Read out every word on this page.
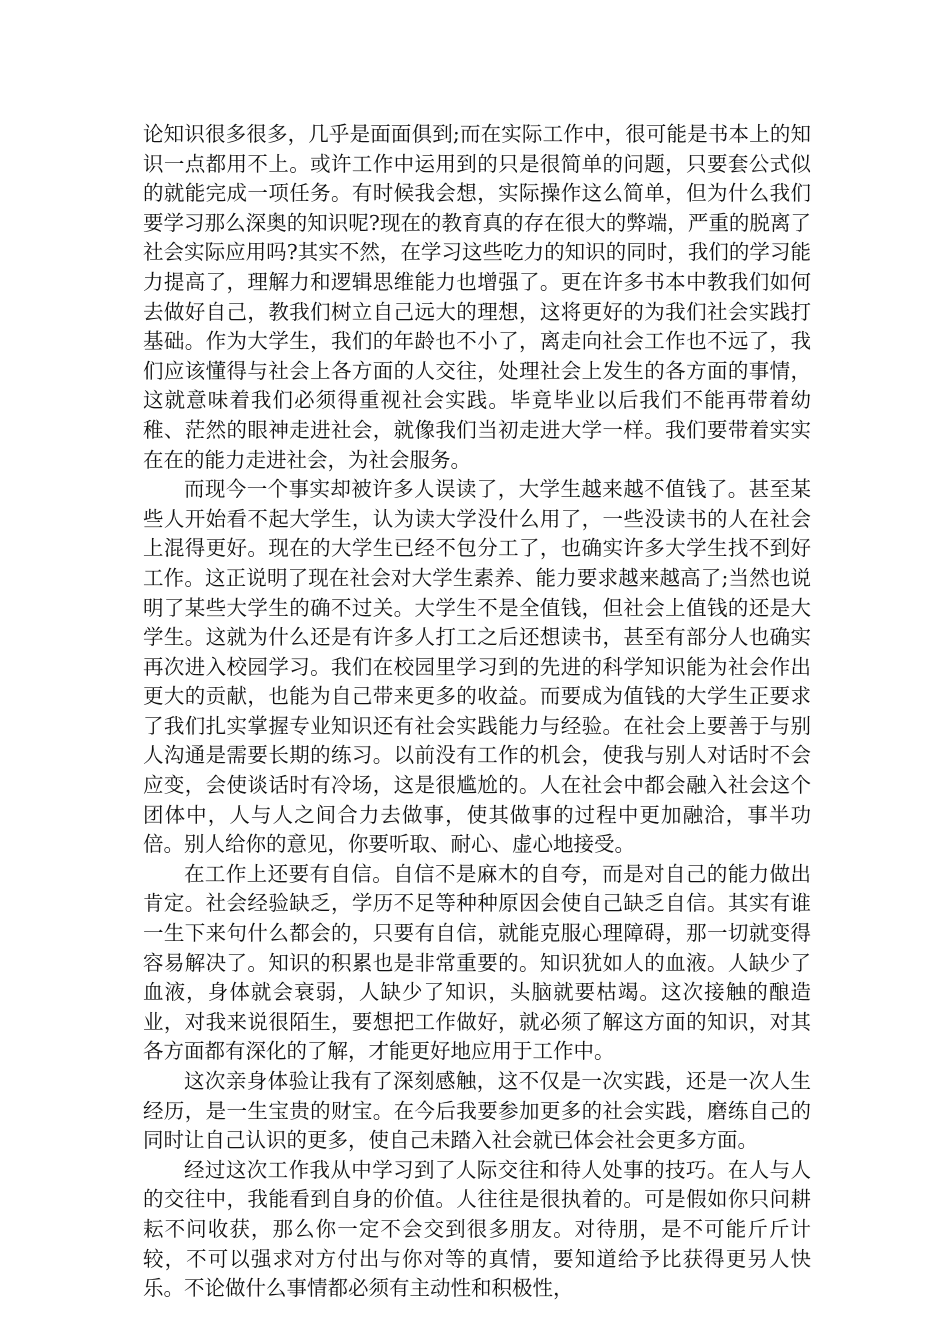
论知识很多很多，几乎是面面俱到;而在实际工作中，很可能是书本上的知识一点都用不上。或许工作中运用到的只是很简单的问题，只要套公式似的就能完成一项任务。有时候我会想，实际操作这么简单，但为什么我们要学习那么深奥的知识呢?现在的教育真的存在很大的弊端，严重的脱离了社会实际应用吗?其实不然，在学习这些吃力的知识的同时，我们的学习能力提高了，理解力和逻辑思维能力也增强了。更在许多书本中教我们如何去做好自己，教我们树立自己远大的理想，这将更好的为我们社会实践打基础。作为大学生，我们的年龄也不小了，离走向社会工作也不远了，我们应该懂得与社会上各方面的人交往，处理社会上发生的各方面的事情，这就意味着我们必须得重视社会实践。毕竟毕业以后我们不能再带着幼稚、茫然的眼神走进社会，就像我们当初走进大学一样。我们要带着实实在在的能力走进社会，为社会服务。

而现今一个事实却被许多人误读了，大学生越来越不值钱了。甚至某些人开始看不起大学生，认为读大学没什么用了，一些没读书的人在社会上混得更好。现在的大学生已经不包分工了，也确实许多大学生找不到好工作。这正说明了现在社会对大学生素养、能力要求越来越高了;当然也说明了某些大学生的确不过关。大学生不是全值钱，但社会上值钱的还是大学生。这就为什么还是有许多人打工之后还想读书，甚至有部分人也确实再次进入校园学习。我们在校园里学习到的先进的科学知识能为社会作出更大的贡献，也能为自己带来更多的收益。而要成为值钱的大学生正要求了我们扎实掌握专业知识还有社会实践能力与经验。在社会上要善于与别人沟通是需要长期的练习。以前没有工作的机会，使我与别人对话时不会应变，会使谈话时有冷场，这是很尴尬的。人在社会中都会融入社会这个团体中，人与人之间合力去做事，使其做事的过程中更加融洽，事半功倍。别人给你的意见，你要听取、耐心、虚心地接受。

在工作上还要有自信。自信不是麻木的自夸，而是对自己的能力做出肯定。社会经验缺乏，学历不足等种种原因会使自己缺乏自信。其实有谁一生下来句什么都会的，只要有自信，就能克服心理障碍，那一切就变得容易解决了。知识的积累也是非常重要的。知识犹如人的血液。人缺少了血液，身体就会衰弱，人缺少了知识，头脑就要枯竭。这次接触的酿造业，对我来说很陌生，要想把工作做好，就必须了解这方面的知识，对其各方面都有深化的了解，才能更好地应用于工作中。

这次亲身体验让我有了深刻感触，这不仅是一次实践，还是一次人生经历，是一生宝贵的财宝。在今后我要参加更多的社会实践，磨练自己的同时让自己认识的更多，使自己未踏入社会就已体会社会更多方面。

经过这次工作我从中学习到了人际交往和待人处事的技巧。在人与人的交往中，我能看到自身的价值。人往往是很执着的。可是假如你只问耕耘不问收获，那么你一定不会交到很多朋友。对待朋，是不可能斤斤计较，不可以强求对方付出与你对等的真情，要知道给予比获得更另人快乐。不论做什么事情都必须有主动性和积极性，
